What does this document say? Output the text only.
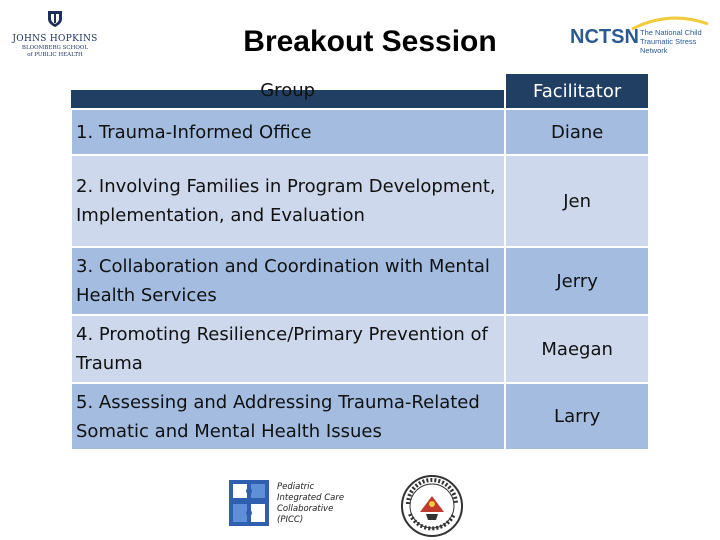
JOHNS HOPKINS
BLOOMBERG SCHOOL
of PUBLIC HEALTH	Breakout Session	NCTSN The National Child
Traumatic Stress Network
Group	Facilitator
1. Trauma-Informed Office	Diane
2. Involving Families in Program Development, Implementation, and Evaluation	Jen
3. Collaboration and Coordination with Mental Health Services	Jerry
4. Promoting Resilience/Primary Prevention of Trauma	Maegan
5. Assessing and Addressing Trauma-Related Somatic and Mental Health Issues	Larry
Pediatric
Integrated Care
Collaborative
(PICC)
